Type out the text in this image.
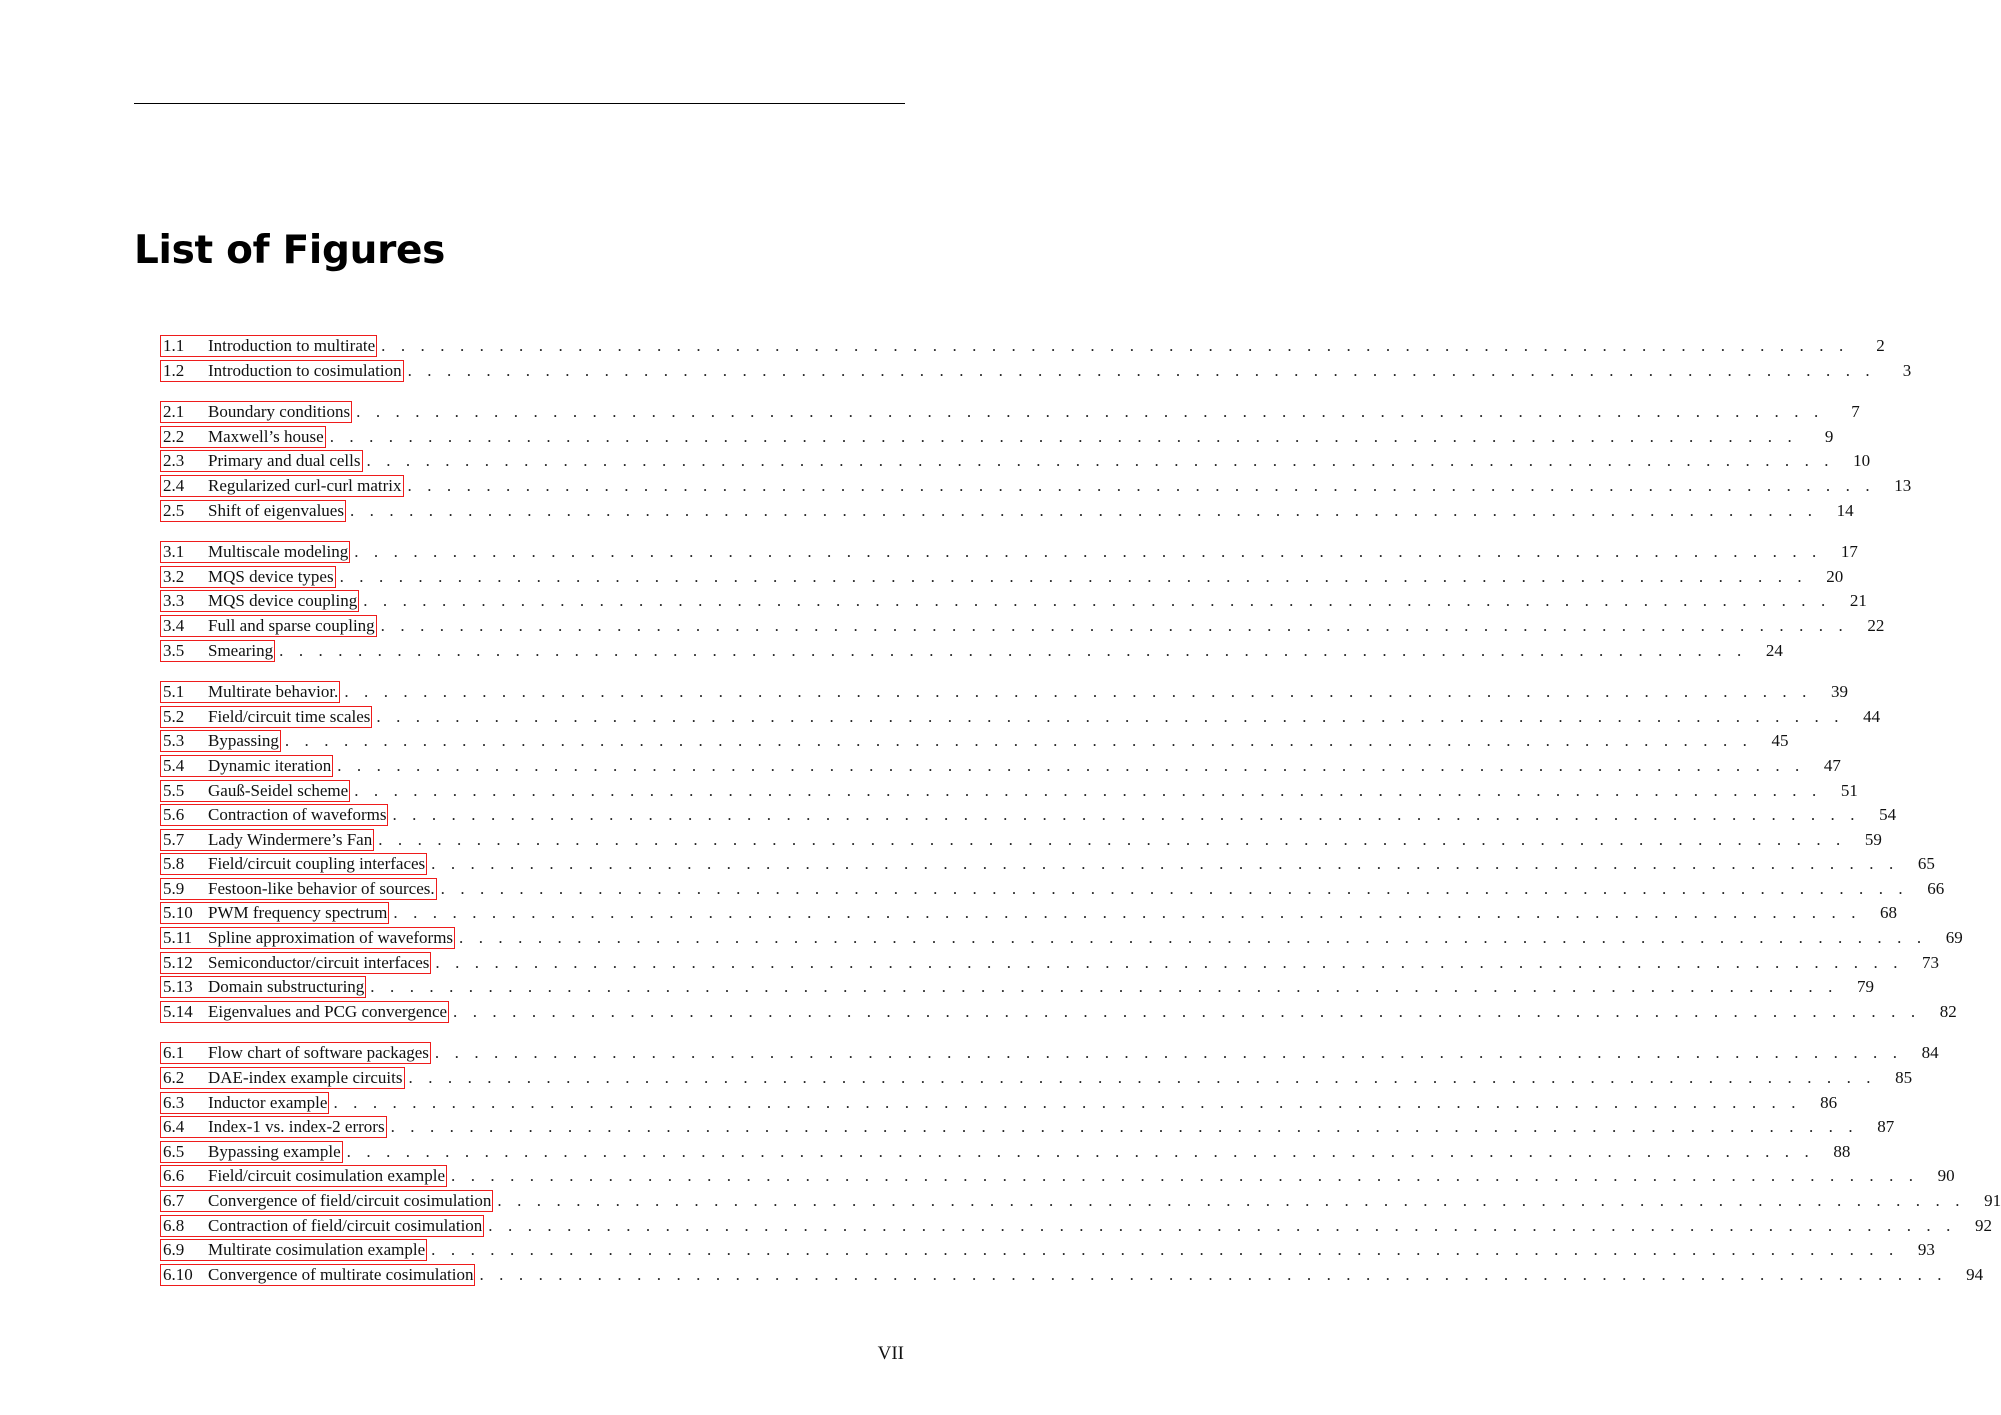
List of Figures
1.1	Introduction to multirate . . . . . . . . . . . . . . . . . . . . . . . . . . . . . . . . . . . . . . . . . . . . . . . . . . . . . . . . . . . . . . . . . . . . . . . . . . .	2
1.2	Introduction to cosimulation . . . . . . . . . . . . . . . . . . . . . . . . . . . . . . . . . . . . . . . . . . . . . . . . . . . . . . . . . . . . . . . . . . . . . . . . . . .	3
2.1	Boundary conditions . . . . . . . . . . . . . . . . . . . . . . . . . . . . . . . . . . . . . . . . . . . . . . . . . . . . . . . . . . . . . . . . . . . . . . . . . . .	7
2.2	Maxwell’s house . . . . . . . . . . . . . . . . . . . . . . . . . . . . . . . . . . . . . . . . . . . . . . . . . . . . . . . . . . . . . . . . . . . . . . . . . . .	9
2.3	Primary and dual cells . . . . . . . . . . . . . . . . . . . . . . . . . . . . . . . . . . . . . . . . . . . . . . . . . . . . . . . . . . . . . . . . . . . . . . . . . . .	10
2.4	Regularized curl-curl matrix . . . . . . . . . . . . . . . . . . . . . . . . . . . . . . . . . . . . . . . . . . . . . . . . . . . . . . . . . . . . . . . . . . . . . . . . . . .	13
2.5	Shift of eigenvalues . . . . . . . . . . . . . . . . . . . . . . . . . . . . . . . . . . . . . . . . . . . . . . . . . . . . . . . . . . . . . . . . . . . . . . . . . . .	14
3.1	Multiscale modeling . . . . . . . . . . . . . . . . . . . . . . . . . . . . . . . . . . . . . . . . . . . . . . . . . . . . . . . . . . . . . . . . . . . . . . . . . . .	17
3.2	MQS device types . . . . . . . . . . . . . . . . . . . . . . . . . . . . . . . . . . . . . . . . . . . . . . . . . . . . . . . . . . . . . . . . . . . . . . . . . . .	20
3.3	MQS device coupling . . . . . . . . . . . . . . . . . . . . . . . . . . . . . . . . . . . . . . . . . . . . . . . . . . . . . . . . . . . . . . . . . . . . . . . . . . .	21
3.4	Full and sparse coupling . . . . . . . . . . . . . . . . . . . . . . . . . . . . . . . . . . . . . . . . . . . . . . . . . . . . . . . . . . . . . . . . . . . . . . . . . . .	22
3.5	Smearing . . . . . . . . . . . . . . . . . . . . . . . . . . . . . . . . . . . . . . . . . . . . . . . . . . . . . . . . . . . . . . . . . . . . . . . . . . .	24
5.1	Multirate behavior. . . . . . . . . . . . . . . . . . . . . . . . . . . . . . . . . . . . . . . . . . . . . . . . . . . . . . . . . . . . . . . . . . . . . . . . . . . .	39
5.2	Field/circuit time scales . . . . . . . . . . . . . . . . . . . . . . . . . . . . . . . . . . . . . . . . . . . . . . . . . . . . . . . . . . . . . . . . . . . . . . . . . . .	44
5.3	Bypassing . . . . . . . . . . . . . . . . . . . . . . . . . . . . . . . . . . . . . . . . . . . . . . . . . . . . . . . . . . . . . . . . . . . . . . . . . . .	45
5.4	Dynamic iteration . . . . . . . . . . . . . . . . . . . . . . . . . . . . . . . . . . . . . . . . . . . . . . . . . . . . . . . . . . . . . . . . . . . . . . . . . . .	47
5.5	Gauß-Seidel scheme . . . . . . . . . . . . . . . . . . . . . . . . . . . . . . . . . . . . . . . . . . . . . . . . . . . . . . . . . . . . . . . . . . . . . . . . . . .	51
5.6	Contraction of waveforms . . . . . . . . . . . . . . . . . . . . . . . . . . . . . . . . . . . . . . . . . . . . . . . . . . . . . . . . . . . . . . . . . . . . . . . . . . .	54
5.7	Lady Windermere’s Fan . . . . . . . . . . . . . . . . . . . . . . . . . . . . . . . . . . . . . . . . . . . . . . . . . . . . . . . . . . . . . . . . . . . . . . . . . . .	59
5.8	Field/circuit coupling interfaces . . . . . . . . . . . . . . . . . . . . . . . . . . . . . . . . . . . . . . . . . . . . . . . . . . . . . . . . . . . . . . . . . . . . . . . . . . .	65
5.9	Festoon-like behavior of sources. . . . . . . . . . . . . . . . . . . . . . . . . . . . . . . . . . . . . . . . . . . . . . . . . . . . . . . . . . . . . . . . . . . . . . . . . . . .	66
5.10 PWM frequency spectrum . . . . . . . . . . . . . . . . . . . . . . . . . . . . . . . . . . . . . . . . . . . . . . . . . . . . . . . . . . . . . . . . . . . . . . . . . . .	68
5.11 Spline approximation of waveforms . . . . . . . . . . . . . . . . . . . . . . . . . . . . . . . . . . . . . . . . . . . . . . . . . . . . . . . . . . . . . . . . . . . . . . . . . . .	69
5.12 Semiconductor/circuit interfaces . . . . . . . . . . . . . . . . . . . . . . . . . . . . . . . . . . . . . . . . . . . . . . . . . . . . . . . . . . . . . . . . . . . . . . . . . . .	73
5.13 Domain substructuring . . . . . . . . . . . . . . . . . . . . . . . . . . . . . . . . . . . . . . . . . . . . . . . . . . . . . . . . . . . . . . . . . . . . . . . . . . .	79
5.14 Eigenvalues and PCG convergence . . . . . . . . . . . . . . . . . . . . . . . . . . . . . . . . . . . . . . . . . . . . . . . . . . . . . . . . . . . . . . . . . . . . . . . . . . .	82
6.1	Flow chart of software packages . . . . . . . . . . . . . . . . . . . . . . . . . . . . . . . . . . . . . . . . . . . . . . . . . . . . . . . . . . . . . . . . . . . . . . . . . . .	84
6.2	DAE-index example circuits . . . . . . . . . . . . . . . . . . . . . . . . . . . . . . . . . . . . . . . . . . . . . . . . . . . . . . . . . . . . . . . . . . . . . . . . . . .	85
6.3	Inductor example . . . . . . . . . . . . . . . . . . . . . . . . . . . . . . . . . . . . . . . . . . . . . . . . . . . . . . . . . . . . . . . . . . . . . . . . . . .	86
6.4	Index-1 vs. index-2 errors . . . . . . . . . . . . . . . . . . . . . . . . . . . . . . . . . . . . . . . . . . . . . . . . . . . . . . . . . . . . . . . . . . . . . . . . . . .	87
6.5	Bypassing example . . . . . . . . . . . . . . . . . . . . . . . . . . . . . . . . . . . . . . . . . . . . . . . . . . . . . . . . . . . . . . . . . . . . . . . . . . .	88
6.6	Field/circuit cosimulation example . . . . . . . . . . . . . . . . . . . . . . . . . . . . . . . . . . . . . . . . . . . . . . . . . . . . . . . . . . . . . . . . . . . . . . . . . . .	90
6.7	Convergence of field/circuit cosimulation . . . . . . . . . . . . . . . . . . . . . . . . . . . . . . . . . . . . . . . . . . . . . . . . . . . . . . . . . . . . . . . . . . . . . . . . . . .	91
6.8	Contraction of field/circuit cosimulation . . . . . . . . . . . . . . . . . . . . . . . . . . . . . . . . . . . . . . . . . . . . . . . . . . . . . . . . . . . . . . . . . . . . . . . . . . .	92
6.9	Multirate cosimulation example . . . . . . . . . . . . . . . . . . . . . . . . . . . . . . . . . . . . . . . . . . . . . . . . . . . . . . . . . . . . . . . . . . . . . . . . . . .	93
6.10 Convergence of multirate cosimulation . . . . . . . . . . . . . . . . . . . . . . . . . . . . . . . . . . . . . . . . . . . . . . . . . . . . . . . . . . . . . . . . . . . . . . . . . . .	94
VII
